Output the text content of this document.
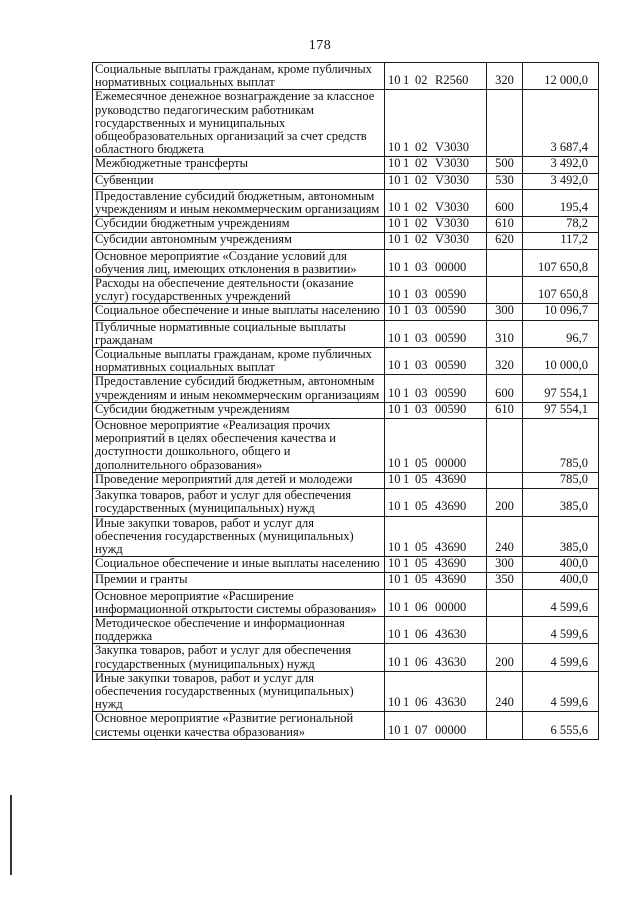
178
Социальные выплаты гражданам, кроме публичных нормативных социальных выплат	10 1 02 R2560	320	12 000,0
Ежемесячное денежное вознаграждение за классное руководство педагогическим работникам государственных и муниципальных общеобразовательных организаций за счет средств областного бюджета	10 1 02 V3030		3 687,4
Межбюджетные трансферты	10 1 02 V3030	500	3 492,0
Субвенции	10 1 02 V3030	530	3 492,0
Предоставление субсидий бюджетным, автономным учреждениям и иным некоммерческим организациям	10 1 02 V3030	600	195,4
Субсидии бюджетным учреждениям	10 1 02 V3030	610	78,2
Субсидии автономным учреждениям	10 1 02 V3030	620	117,2
Основное мероприятие «Создание условий для обучения лиц, имеющих отклонения в развитии»	10 1 03 00000		107 650,8
Расходы на обеспечение деятельности (оказание услуг) государственных учреждений	10 1 03 00590		107 650,8
Социальное обеспечение и иные выплаты населению	10 1 03 00590	300	10 096,7
Публичные нормативные социальные выплаты гражданам	10 1 03 00590	310	96,7
Социальные выплаты гражданам, кроме публичных нормативных социальных выплат	10 1 03 00590	320	10 000,0
Предоставление субсидий бюджетным, автономным учреждениям и иным некоммерческим организациям	10 1 03 00590	600	97 554,1
Субсидии бюджетным учреждениям	10 1 03 00590	610	97 554,1
Основное мероприятие «Реализация прочих мероприятий в целях обеспечения качества и доступности дошкольного, общего и дополнительного образования»	10 1 05 00000		785,0
Проведение мероприятий для детей и молодежи	10 1 05 43690		785,0
Закупка товаров, работ и услуг для обеспечения государственных (муниципальных) нужд	10 1 05 43690	200	385,0
Иные закупки товаров, работ и услуг для обеспечения государственных (муниципальных) нужд	10 1 05 43690	240	385,0
Социальное обеспечение и иные выплаты населению	10 1 05 43690	300	400,0
Премии и гранты	10 1 05 43690	350	400,0
Основное мероприятие «Расширение информационной открытости системы образования»	10 1 06 00000		4 599,6
Методическое обеспечение и информационная поддержка	10 1 06 43630		4 599,6
Закупка товаров, работ и услуг для обеспечения государственных (муниципальных) нужд	10 1 06 43630	200	4 599,6
Иные закупки товаров, работ и услуг для обеспечения государственных (муниципальных) нужд	10 1 06 43630	240	4 599,6
Основное мероприятие «Развитие региональной системы оценки качества образования»	10 1 07 00000		6 555,6
